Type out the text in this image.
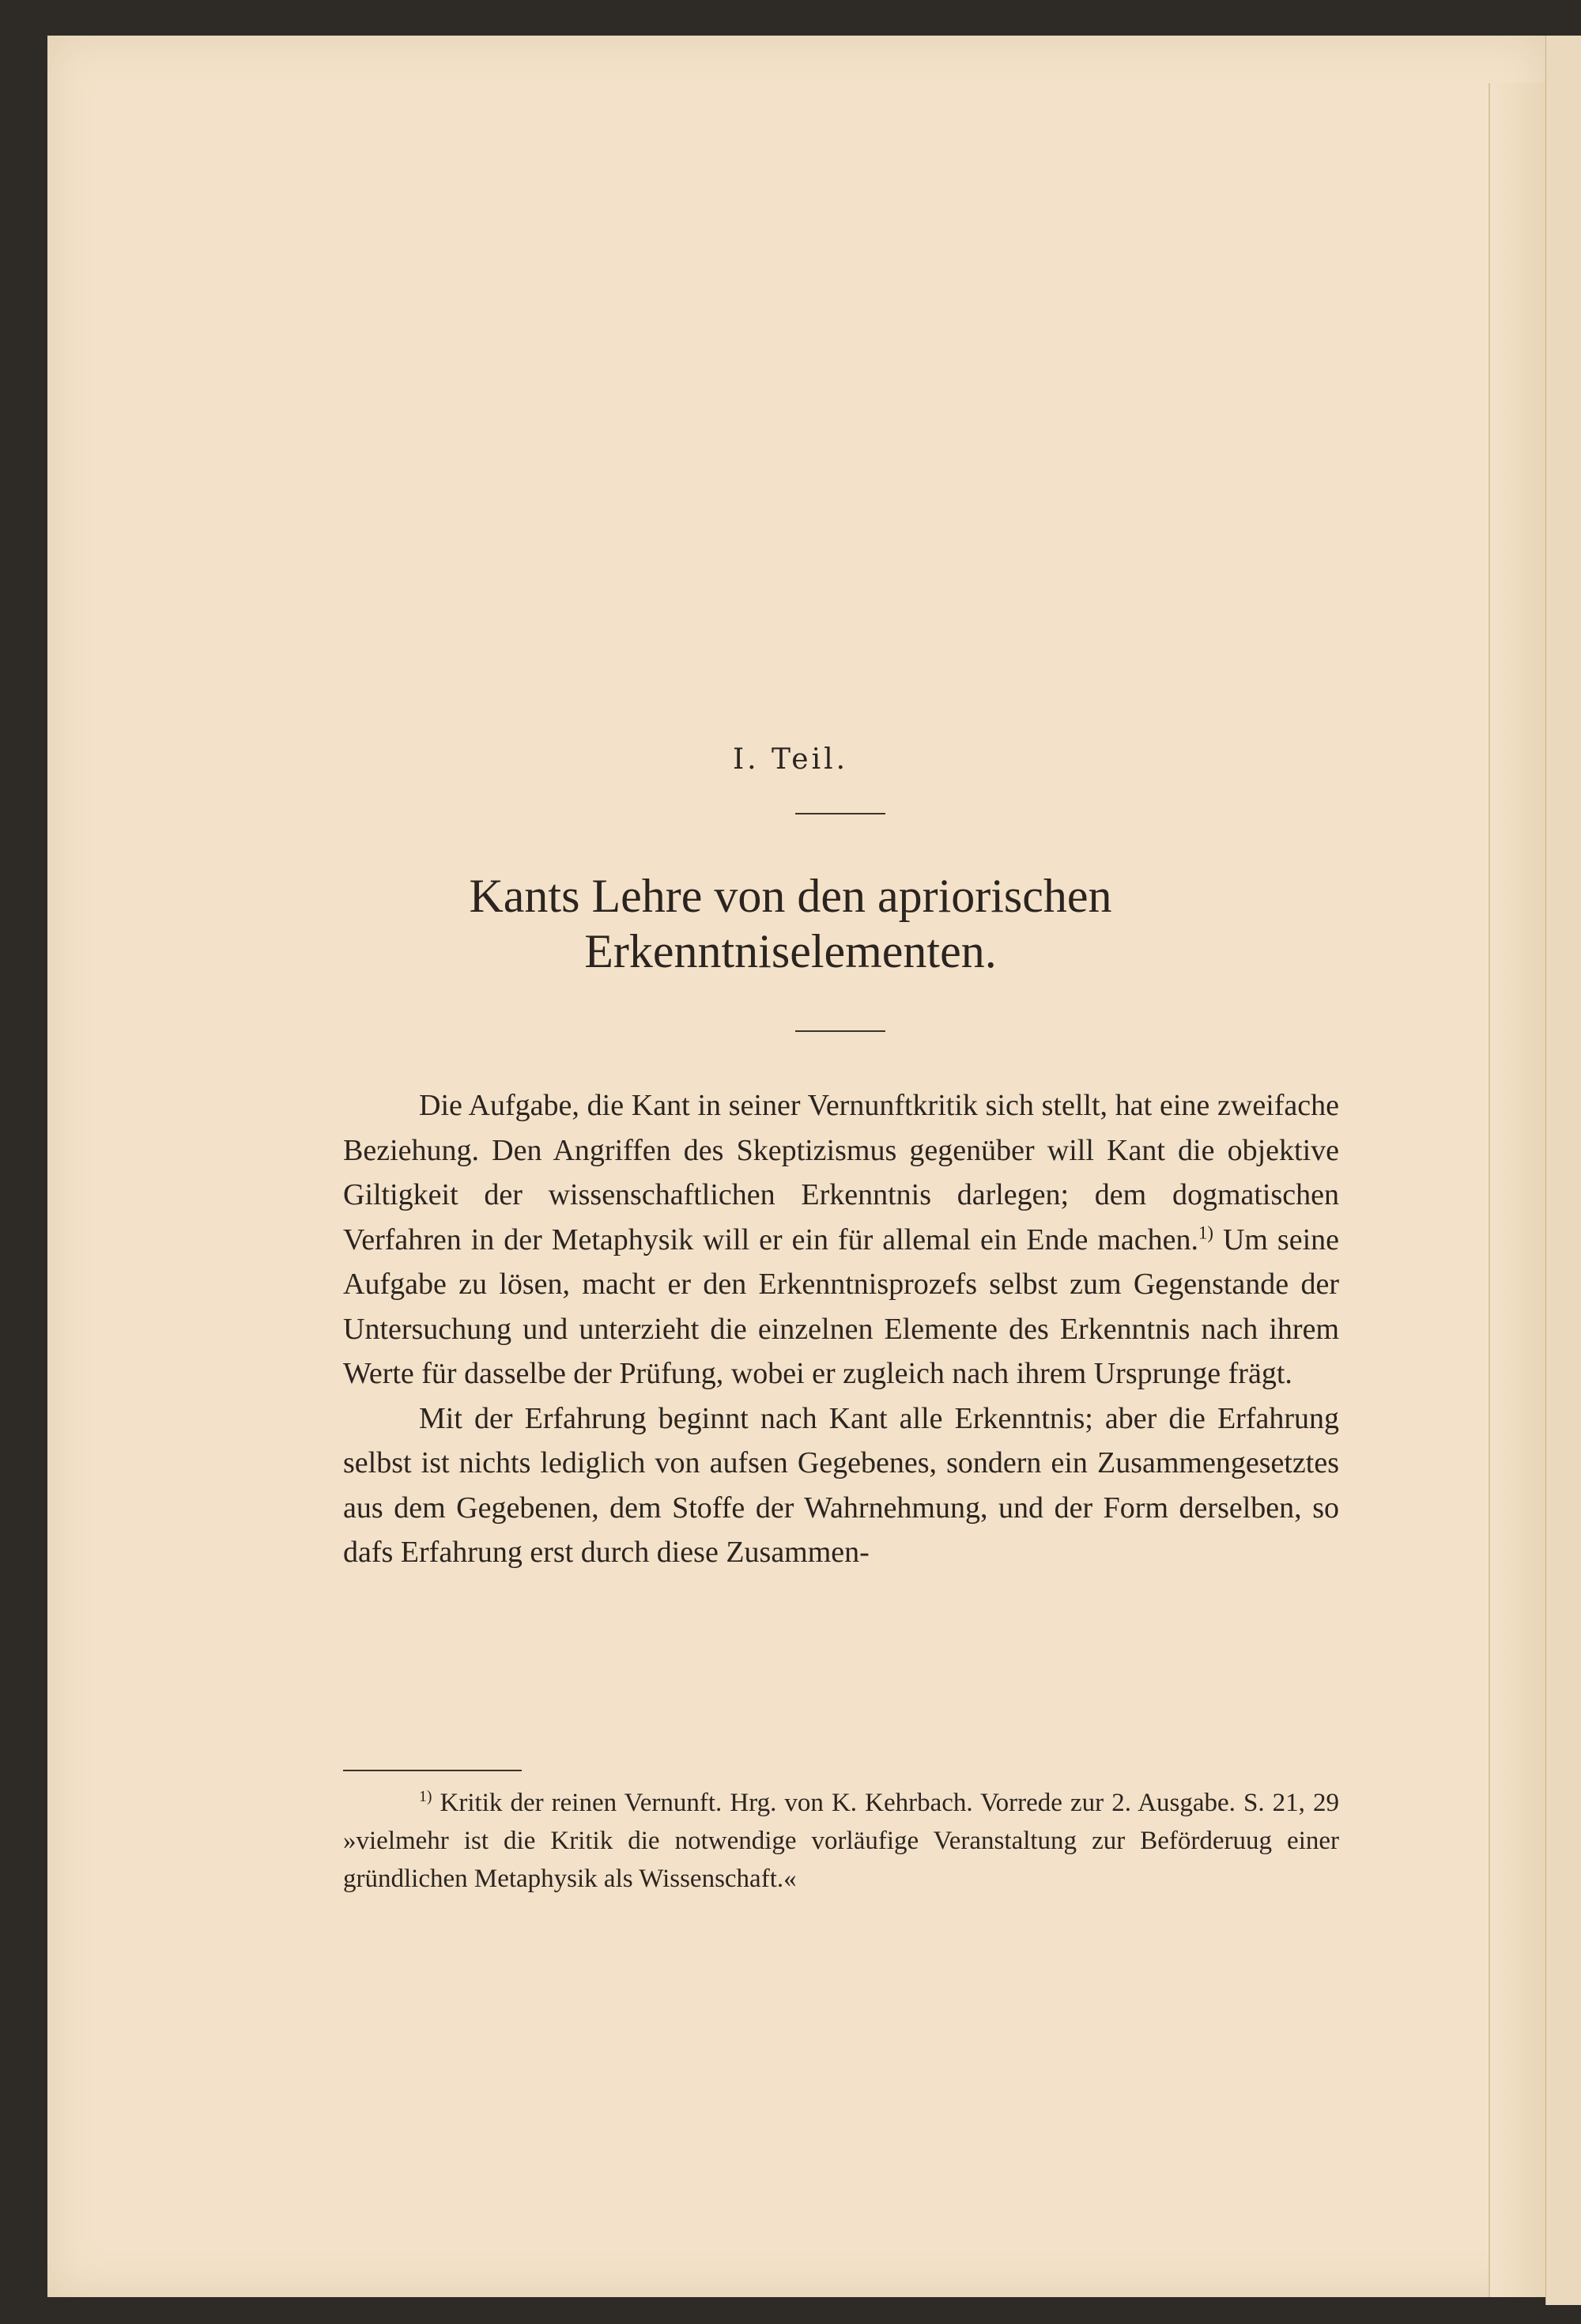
I. Teil.
Kants Lehre von den apriorischen
Erkenntniselementen.

Die Aufgabe, die Kant in seiner Vernunftkritik sich stellt, hat eine zweifache Beziehung. Den Angriffen des Skeptizismus gegenüber will Kant die objektive Giltigkeit der wissenschaftlichen Erkenntnis darlegen; dem dogmatischen Verfahren in der Metaphysik will er ein für allemal ein Ende machen.$^{1)}$ Um seine Aufgabe zu lösen, macht er den Erkenntnisprozefs selbst zum Gegenstande der Untersuchung und unterzieht die einzelnen Elemente des Erkenntnis nach ihrem Werte für dasselbe der Prüfung, wobei er zugleich nach ihrem Ursprunge frägt.

Mit der Erfahrung beginnt nach Kant alle Erkenntnis; aber die Erfahrung selbst ist nichts lediglich von aufsen Gegebenes, sondern ein Zusammengesetztes aus dem Gegebenen, dem Stoffe der Wahrnehmung, und der Form derselben, so dafs Erfahrung erst durch diese Zusammen-

$^{1)}$ Kritik der reinen Vernunft. Hrg. von K. Kehrbach. Vorrede zur 2. Ausgabe. S. 21, 29 »vielmehr ist die Kritik die notwendige vorläufige Veranstaltung zur Beförderuug einer gründlichen Metaphysik als Wissenschaft.«
